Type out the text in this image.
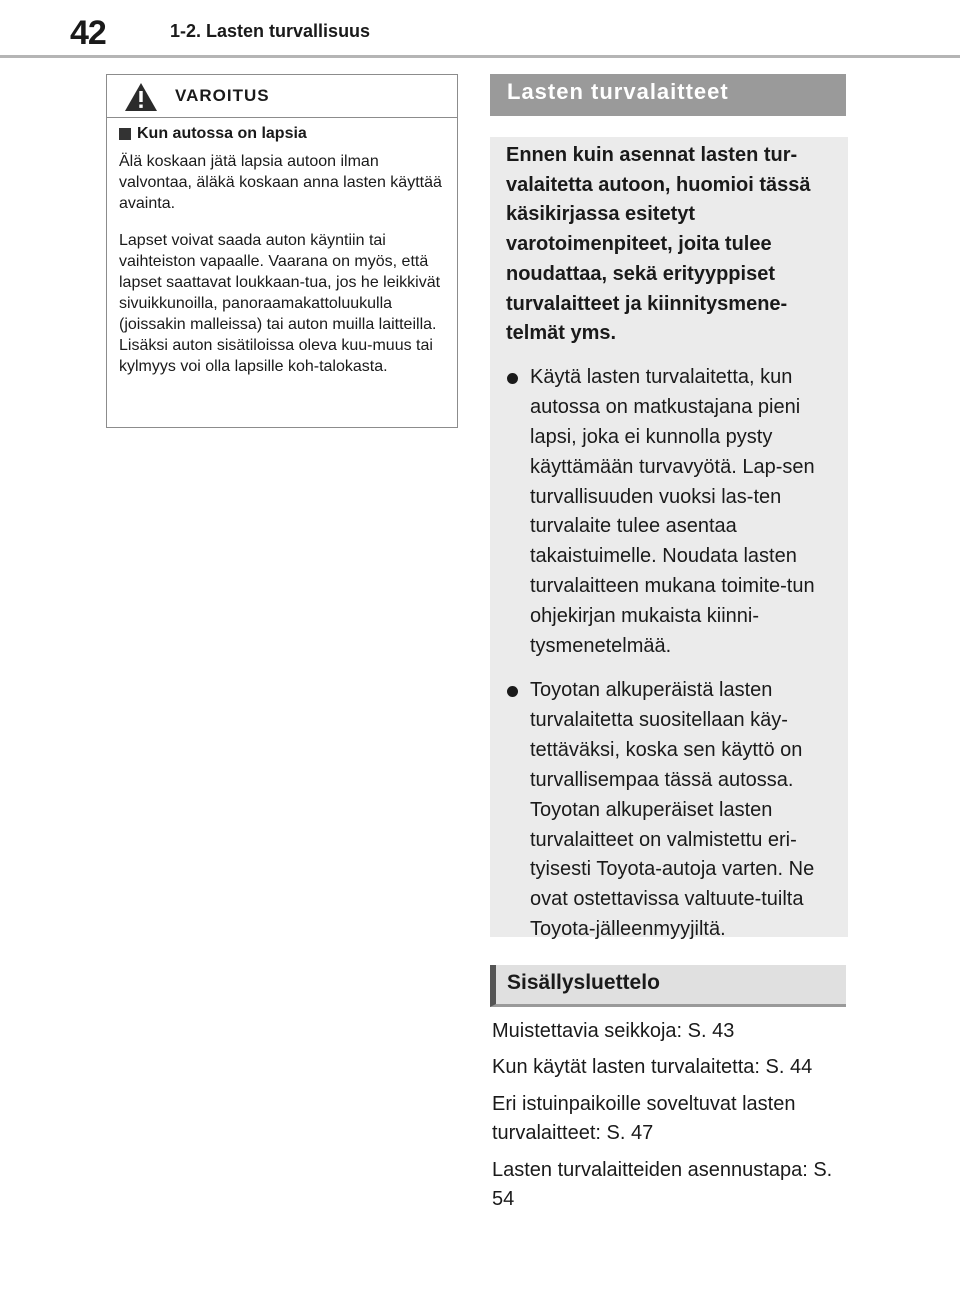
42	1-2. Lasten turvallisuus
VAROITUS
Kun autossa on lapsia

Älä koskaan jätä lapsia autoon ilman valvontaa, äläkä koskaan anna lasten käyttää avainta.

Lapset voivat saada auton käyntiin tai vaihteiston vapaalle. Vaarana on myös, että lapset saattavat loukkaan-tua, jos he leikkivät sivuikkunoilla, panoraamakattoluukulla (joissakin malleissa) tai auton muilla laitteilla. Lisäksi auton sisätiloissa oleva kuu-muus tai kylmyys voi olla lapsille koh-talokasta.

Lasten turvalaitteet

Ennen kuin asennat lasten tur-valaitetta autoon, huomioi tässä käsikirjassa esitetyt varotoimenpiteet, joita tulee noudattaa, sekä erityyppiset turvalaitteet ja kiinnitysmene-telmät yms.

Käytä lasten turvalaitetta, kun autossa on matkustajana pieni lapsi, joka ei kunnolla pysty käyttämään turvavyötä. Lap-sen turvallisuuden vuoksi las-ten turvalaite tulee asentaa takaistuimelle. Noudata lasten turvalaitteen mukana toimite-tun ohjekirjan mukaista kiinni-tysmenetelmää.
Toyotan alkuperäistä lasten turvalaitetta suositellaan käy-tettäväksi, koska sen käyttö on turvallisempaa tässä autossa. Toyotan alkuperäiset lasten turvalaitteet on valmistettu eri-tyisesti Toyota-autoja varten. Ne ovat ostettavissa valtuute-tuilta Toyota-jälleenmyyjiltä.
Sisällysluettelo
Muistettavia seikkoja: S. 43
Kun käytät lasten turvalaitetta: S. 44
Eri istuinpaikoille soveltuvat lasten turvalaitteet: S. 47
Lasten turvalaitteiden asennustapa: S. 54
